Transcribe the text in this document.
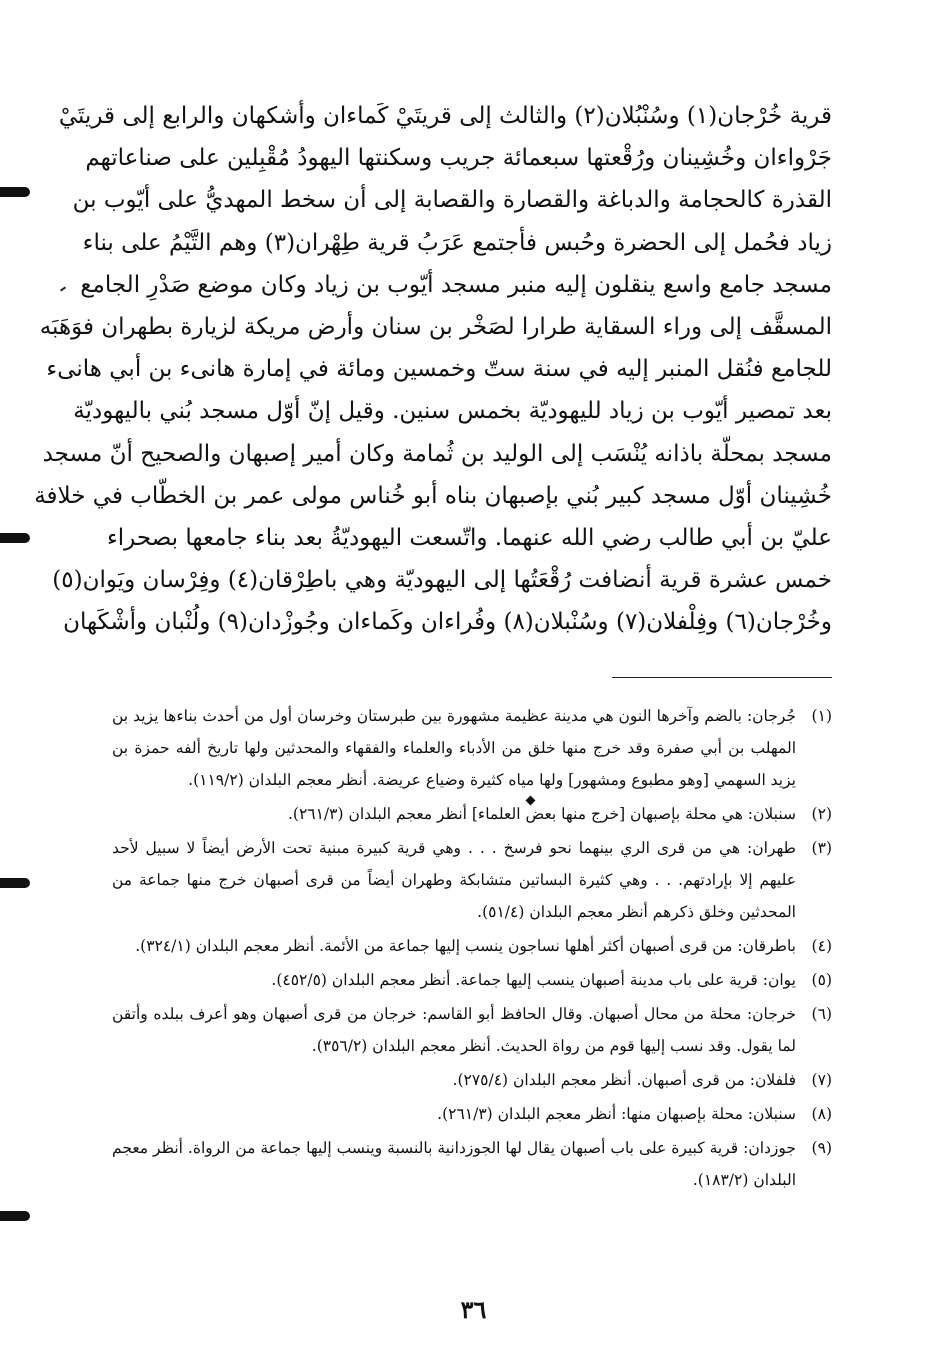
قرية خُرْجان(١) وسُنْبُلان(٢) والثالث إلى قريتَيْ كَماءان وأشكهان والرابع إلى قريتَيْ
جَرْواءان وخُشِينان ورُقْعتها سبعمائة جريب وسكنتها اليهودُ مُقْبِلين على صناعاتهم
القذرة كالحجامة والدباغة والقصارة والقصابة إلى أن سخط المهديُّ على أيّوب بن
زياد فحُمل إلى الحضرة وحُبس فأجتمع عَرَبُ قرية طِهْران(٣) وهم التَّيْمُ على بناء
مسجد جامع واسع ينقلون إليه منبر مسجد أيّوب بن زياد وكان موضع صَدْرِ الجامع
المسقَّف إلى وراء السقاية طرارا لصَخْر بن سنان وأرض مريكة لزيارة بطهران فوَهَبَه
للجامع فنُقل المنبر إليه في سنة ستّ وخمسين ومائة في إمارة هانىء بن أبي هانىء
بعد تمصير أيّوب بن زياد لليهوديّة بخمس سنين. وقيل إنّ أوّل مسجد بُني باليهوديّة
مسجد بمحلّة باذانه يُنْسَب إلى الوليد بن ثُمامة وكان أمير إصبهان والصحيح أنّ مسجد
خُشِينان أوّل مسجد كبير بُني بإصبهان بناه أبو خُناس مولى عمر بن الخطّاب في خلافة
عليّ بن أبي طالب رضي الله عنهما. واتّسعت اليهوديّةُ بعد بناء جامعها بصحراء
خمس عشرة قرية أنضافت رُقْعَتُها إلى اليهوديّة وهي باطِرْقان(٤) وفِرْسان ويَوان(٥)
وخُرْجان(٦) وفِلْفلان(٧) وسُنْبلان(٨) وفُراءان وكَماءان وجُوزْدان(٩) ولُنْبان وأشْكَهان
(١)
جُرجان: بالضم وآخرها النون هي مدينة عظيمة مشهورة بين طبرستان وخرسان أول من أحدث بناءها يزيد بن المهلب بن أبي صفرة وقد خرج منها خلق من الأدباء والعلماء والفقهاء والمحدثين ولها تاريخ ألفه حمزة بن يزيد السهمي [وهو مطبوع ومشهور] ولها مياه كثيرة وضياع عريضة. أنظر معجم البلدان (١١٩/٢).
(٢)
سنبلان: هي محلة بإصبهان [خرج منها بعض العلماء] أنظر معجم البلدان (٢٦١/٣).
(٣)
طهران: هي من قرى الري بينهما نحو فرسخ . . . وهي قرية كبيرة مبنية تحت الأرض أيضاً لا سبيل لأحد عليهم إلا بإرادتهم. . . وهي كثيرة البساتين متشابكة وطهران أيضاً من قرى أصبهان خرج منها جماعة من المحدثين وخلق ذكرهم أنظر معجم البلدان (٥١/٤).
(٤)
باطرقان: من قرى أصبهان أكثر أهلها نساجون ينسب إليها جماعة من الأئمة. أنظر معجم البلدان (٣٢٤/١).
(٥)
يوان: قرية على باب مدينة أصبهان ينسب إليها جماعة. أنظر معجم البلدان (٤٥٢/٥).
(٦)
خرجان: محلة من محال أصبهان. وقال الحافظ أبو القاسم: خرجان من قرى أصبهان وهو أعرف ببلده وأتقن لما يقول. وقد نسب إليها قوم من رواة الحديث. أنظر معجم البلدان (٣٥٦/٢).
(٧)
فلفلان: من قرى أصبهان. أنظر معجم البلدان (٢٧٥/٤).
(٨)
سنبلان: محلة بإصبهان منها: أنظر معجم البلدان (٢٦١/٣).
(٩)
جوزدان: قرية كبيرة على باب أصبهان يقال لها الجوزدانية بالنسبة وينسب إليها جماعة من الرواة. أنظر معجم البلدان (١٨٣/٢).
٣٦
